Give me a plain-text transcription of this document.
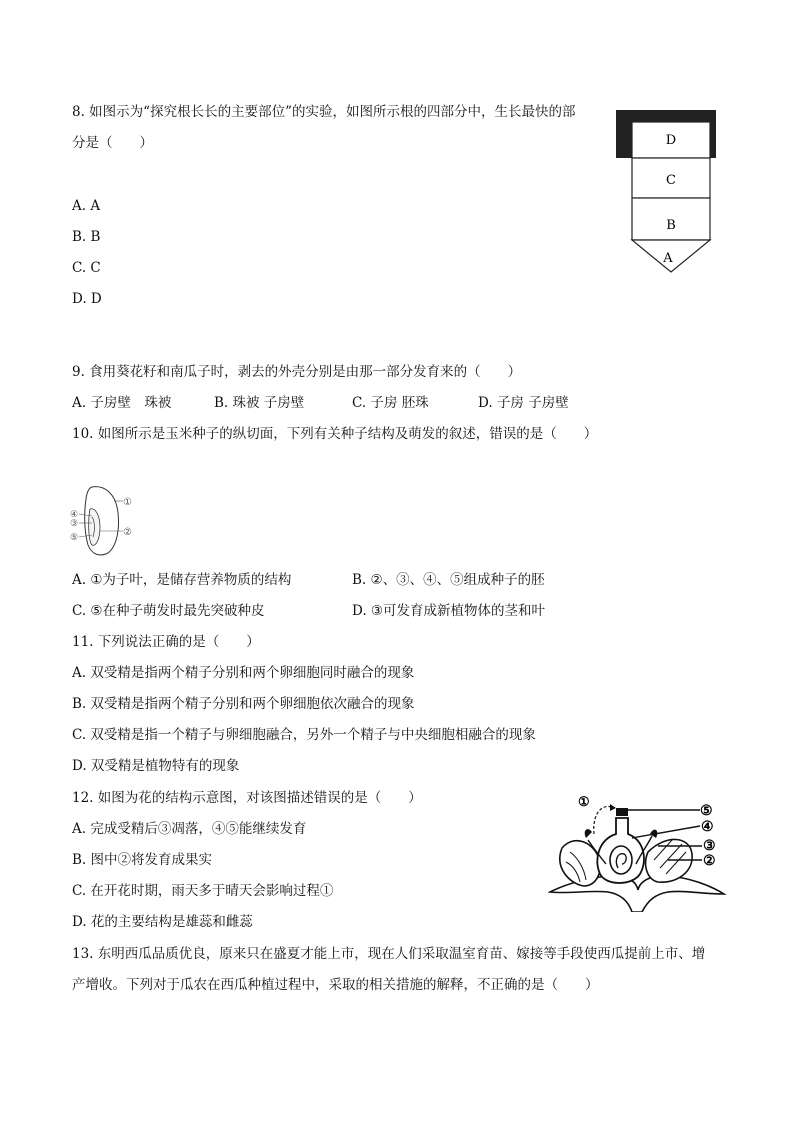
8. 如图示为“探究根长长的主要部位”的实验，如图所示根的四部分中，生长最快的部
分是（　　）
A. A
B. B
C. C
D. D
D
C
B
A
9. 食用葵花籽和南瓜子时，剥去的外壳分别是由那一部分发育来的（　　）
A. 子房壁　珠被	B. 珠被 子房壁	C. 子房 胚珠	D. 子房 子房壁
10. 如图所示是玉米种子的纵切面，下列有关种子结构及萌发的叙述，错误的是（　　）
①
②
③
④
⑤
A. ①为子叶，是储存营养物质的结构	B. ②、③、④、⑤组成种子的胚
C. ⑤在种子萌发时最先突破种皮	D. ③可发育成新植物体的茎和叶
11. 下列说法正确的是（　　）
A. 双受精是指两个精子分别和两个卵细胞同时融合的现象
B. 双受精是指两个精子分别和两个卵细胞依次融合的现象
C. 双受精是指一个精子与卵细胞融合，另外一个精子与中央细胞相融合的现象
D. 双受精是植物特有的现象
12. 如图为花的结构示意图，对该图描述错误的是（　　）
A. 完成受精后③凋落，④⑤能继续发育
B. 图中②将发育成果实
C. 在开花时期，雨天多于晴天会影响过程①
D. 花的主要结构是雄蕊和雌蕊
①
⑤
④
③
②
13. 东明西瓜品质优良，原来只在盛夏才能上市，现在人们采取温室育苗、嫁接等手段使西瓜提前上市、增
产增收。下列对于瓜农在西瓜种植过程中，采取的相关措施的解释，不正确的是（　　）
